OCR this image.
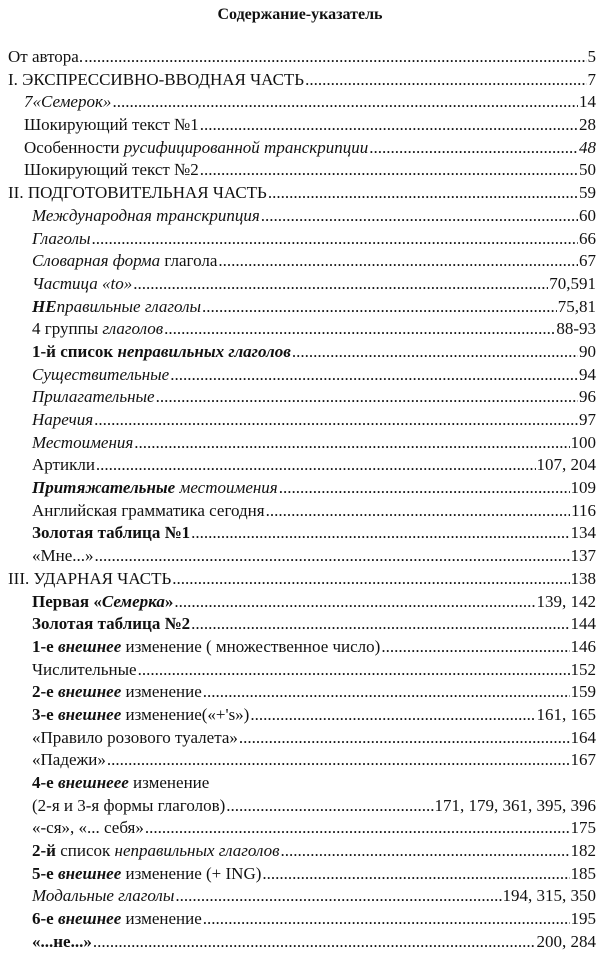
Содержание-указатель
От автора. .....	5
I. ЭКСПРЕССИВНО-ВВОДНАЯ ЧАСТЬ .....	7
7«Семерок» .....	14
Шокирующий текст №1 .....	28
Особенности русифицированной транскрипции .....	48
Шокирующий текст №2 .....	50
II. ПОДГОТОВИТЕЛЬНАЯ ЧАСТЬ .....	59
Международная транскрипция .....	60
Глаголы .....	66
Словарная форма глагола .....	67
Частица «to» .....	70,591
НЕправильные глаголы .....	75,81
4 группы глаголов .....	88-93
1-й список неправильных глаголов .....	90
Существительные .....	94
Прилагательные .....	96
Наречия .....	97
Местоимения .....	100
Артикли .....	107, 204
Притяжательные местоимения .....	109
Английская грамматика сегодня .....	116
Золотая таблица №1 .....	134
«Мне...» .....	137
III. УДАРНАЯ ЧАСТЬ .....	138
Первая «Семерка» .....	139, 142
Золотая таблица №2 .....	144
1-е внешнее изменение ( множественное число) .....	146
Числительные .....	152
2-е внешнее изменение .....	159
3-е внешнее изменение(«+'s») .....	161, 165
«Правило розового туалета» .....	164
«Падежи» .....	167
4-е внешнеее изменение
(2-я и 3-я формы глаголов) .....	171, 179, 361, 395, 396
«-ся», «... себя» .....	175
2-й список неправильных глаголов .....	182
5-е внешнее изменение (+ ING) .....	185
Модальные глаголы .....	194, 315, 350
6-е внешнее изменение .....	195
«...не...» .....	200, 284
